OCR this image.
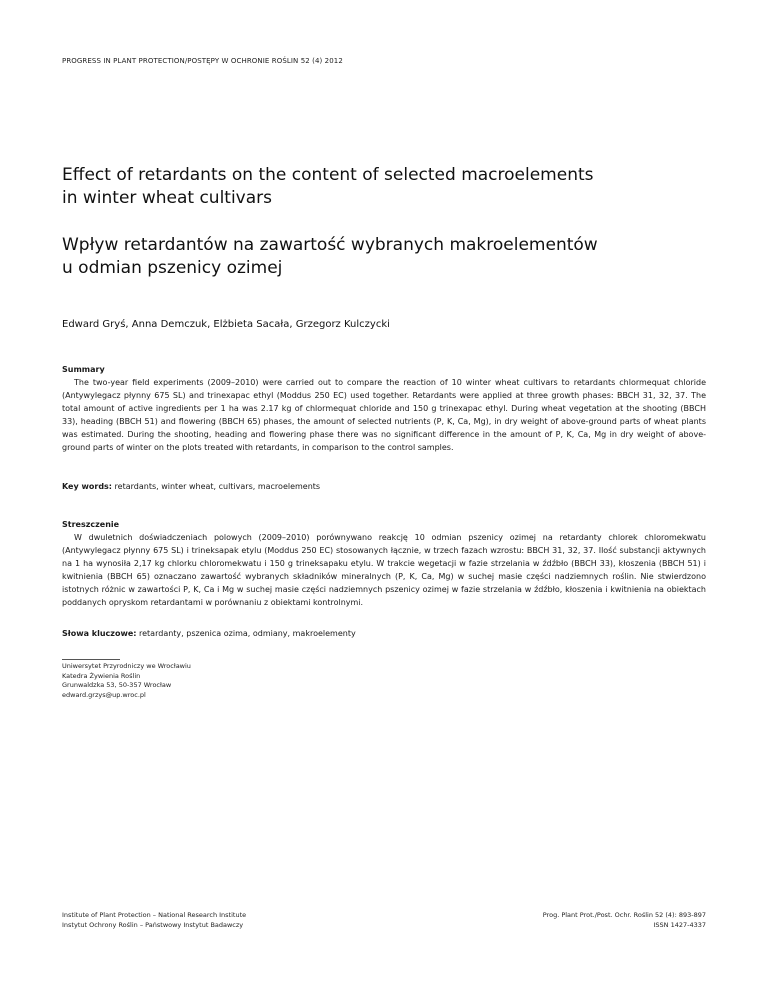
PROGRESS IN PLANT PROTECTION/POSTĘPY W OCHRONIE ROŚLIN 52 (4) 2012
Effect of retardants on the content of selected macroelements
in winter wheat cultivars
Wpływ retardantów na zawartość wybranych makroelementów
u odmian pszenicy ozimej
Edward Gryś, Anna Demczuk, Elżbieta Sacała, Grzegorz Kulczycki
Summary
The two-year field experiments (2009–2010) were carried out to compare the reaction of 10 winter wheat cultivars to retardants chlormequat chloride (Antywylegacz płynny 675 SL) and trinexapac ethyl (Moddus 250 EC) used together. Retardants were applied at three growth phases: BBCH 31, 32, 37. The total amount of active ingredients per 1 ha was 2.17 kg of chlormequat chloride and 150 g trinexapac ethyl. During wheat vegetation at the shooting (BBCH 33), heading (BBCH 51) and flowering (BBCH 65) phases, the amount of selected nutrients (P, K, Ca, Mg), in dry weight of above-ground parts of wheat plants was estimated. During the shooting, heading and flowering phase there was no significant difference in the amount of P, K, Ca, Mg in dry weight of above-ground parts of winter on the plots treated with retardants, in comparison to the control samples.
Key words: retardants, winter wheat, cultivars, macroelements
Streszczenie
W dwuletnich doświadczeniach polowych (2009–2010) porównywano reakcję 10 odmian pszenicy ozimej na retardanty chlorek chloromekwatu (Antywylegacz płynny 675 SL) i trineksapak etylu (Moddus 250 EC) stosowanych łącznie, w trzech fazach wzrostu: BBCH 31, 32, 37. Ilość substancji aktywnych na 1 ha wynosiła 2,17 kg chlorku chloromekwatu i 150 g trineksapaku etylu. W trakcie wegetacji w fazie strzelania w źdźbło (BBCH 33), kłoszenia (BBCH 51) i kwitnienia (BBCH 65) oznaczano zawartość wybranych składników mineralnych (P, K, Ca, Mg) w suchej masie części nadziemnych roślin. Nie stwierdzono istotnych różnic w zawartości P, K, Ca i Mg w suchej masie części nadziemnych pszenicy ozimej w fazie strzelania w źdźbło, kłoszenia i kwitnienia na obiektach poddanych opryskom retardantami w porównaniu z obiektami kontrolnymi.
Słowa kluczowe: retardanty, pszenica ozima, odmiany, makroelementy
Uniwersytet Przyrodniczy we Wrocławiu
Katedra Żywienia Roślin
Grunwaldzka 53, 50-357 Wrocław
edward.grzys@up.wroc.pl
Institute of Plant Protection – National Research Institute
Instytut Ochrony Roślin – Państwowy Instytut Badawczy
Prog. Plant Prot./Post. Ochr. Roślin 52 (4): 893-897
ISSN 1427-4337
